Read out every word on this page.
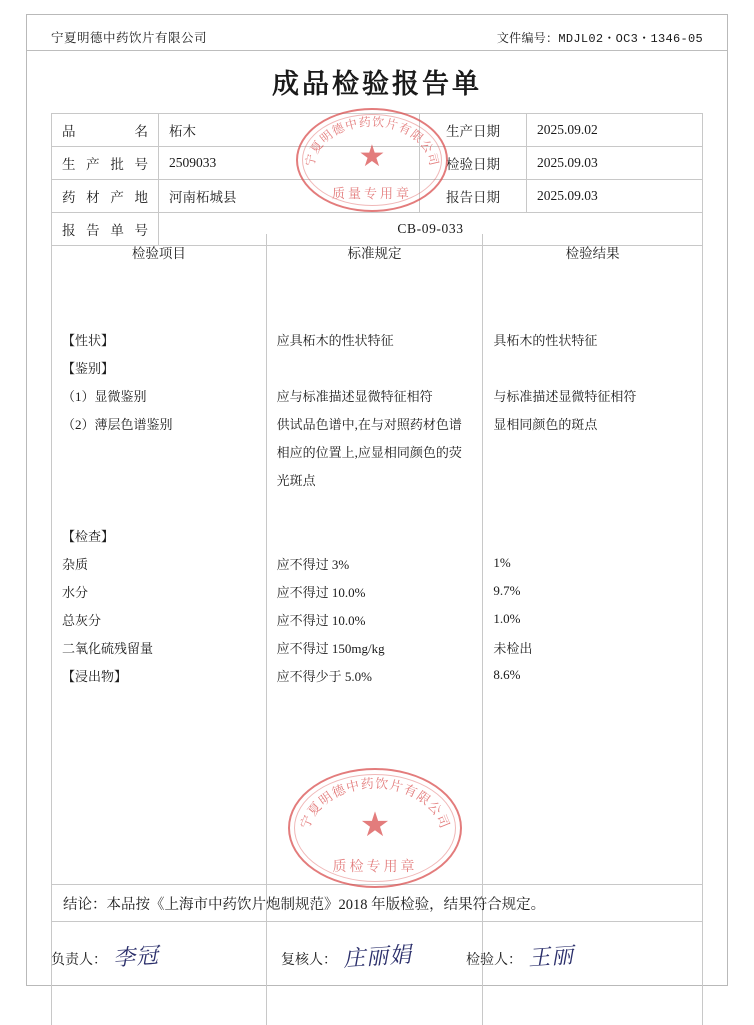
宁夏明德中药饮片有限公司	文件编号：MDJL02・OC3・1346-05
成品检验报告单
品　　名	柘木	生产日期	2025.09.02
生产批号	2509033	检验日期	2025.09.03
药材产地	河南柘城县	报告日期	2025.09.03
报告单号	CB-09-033		
检验项目	标准规定	检验结果

【性状】	应具柘木的性状特征	具柘木的性状特征
【鉴别】		
（1）显微鉴别	应与标准描述显微特征相符	与标准描述显微特征相符
（2）薄层色谱鉴别	供试品色谱中,在与对照药材色谱	显相同颜色的斑点
	相应的位置上,应显相同颜色的荧	
	光斑点	

【检查】		
杂质	应不得过 3%	1%
水分	应不得过 10.0%	9.7%
总灰分	应不得过 10.0%	1.0%
二氧化硫残留量	应不得过 150mg/kg	未检出
【浸出物】	应不得少于 5.0%	8.6%

结论： 本品按《上海市中药饮片炮制规范》2018 年版检验，结果符合规定。
负责人： 李冠	复核人： 庄丽娟	检验人： 王丽
宁夏明德中药饮片有限公司
★
质量专用章
宁夏明德中药饮片有限公司
★
质检专用章
